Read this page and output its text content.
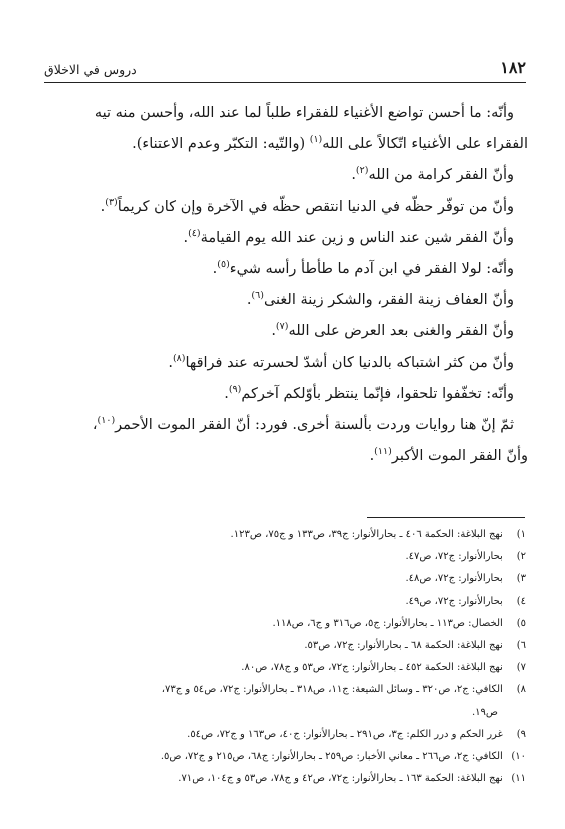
١٨٢
دروس في الاخلاق
وأنّه: ما أحسن تواضع الأغنياء للفقراء طلباً لما عند الله، وأحسن منه تيه
الفقراء على الأغنياء اتّكالاً على الله$^{(١)}$ (والتّيه: التكبّر وعدم الاعتناء).
وأنّ الفقر كرامة من الله$^{(٢)}$.
وأنّ من توفّر حظّه في الدنيا انتقص حظّه في الآخرة وإن كان كريماً$^{(٣)}$.
وأنّ الفقر شين عند الناس و زين عند الله يوم القيامة$^{(٤)}$.
وأنّه: لولا الفقر في ابن آدم ما طأطأ رأسه شيء$^{(٥)}$.
وأنّ العفاف زينة الفقر، والشكر زينة الغنى$^{(٦)}$.
وأنّ الفقر والغنى بعد العرض على الله$^{(٧)}$.
وأنّ من كثر اشتباكه بالدنيا كان أشدّ لحسرته عند فراقها$^{(٨)}$.
وأنّه: تخفّفوا تلحقوا، فإنّما ينتظر بأوّلكم آخركم$^{(٩)}$.
ثمّ إنّ هنا روايات وردت بألسنة أخرى. فورد: أنّ الفقر الموت الأحمر$^{(١٠)}$،
وأنّ الفقر الموت الأكبر$^{(١١)}$.
١) نهج البلاغة: الحكمة ٤٠٦ ـ بحارالأنوار: ج٣٩، ص١٣٣ و ج٧٥، ص١٢٣.
٢) بحارالأنوار: ج٧٢، ص٤٧.
٣) بحارالأنوار: ج٧٢، ص٤٨.
٤) بحارالأنوار: ج٧٢، ص٤٩.
٥) الخصال: ص١١٣ ـ بحارالأنوار: ج٥، ص٣١٦ و ج٦، ص١١٨.
٦) نهج البلاغة: الحكمة ٦٨ ـ بحارالأنوار: ج٧٢، ص٥٣.
٧) نهج البلاغة: الحكمة ٤٥٢ ـ بحارالأنوار: ج٧٢، ص٥٣ و ج٧٨، ص٨٠.
٨) الكافي: ج٢، ص٣٢٠ ـ وسائل الشيعة: ج١١، ص٣١٨ ـ بحارالأنوار: ج٧٢، ص٥٤ و ج٧٣،
ص١٩.
٩) غرر الحكم و درر الكلم: ج٣، ص٢٩١ ـ بحارالأنوار: ج٤٠، ص١٦٣ و ج٧٢، ص٥٤.
١٠) الكافي: ج٢، ص٢٦٦ ـ معاني الأخبار: ص٢٥٩ ـ بحارالأنوار: ج٦٨، ص٢١٥ و ج٧٢، ص٥.
١١) نهج البلاغة: الحكمة ١٦٣ ـ بحارالأنوار: ج٧٢، ص٤٢ و ج٧٨، ص٥٣ و ج١٠٤، ص٧١.
